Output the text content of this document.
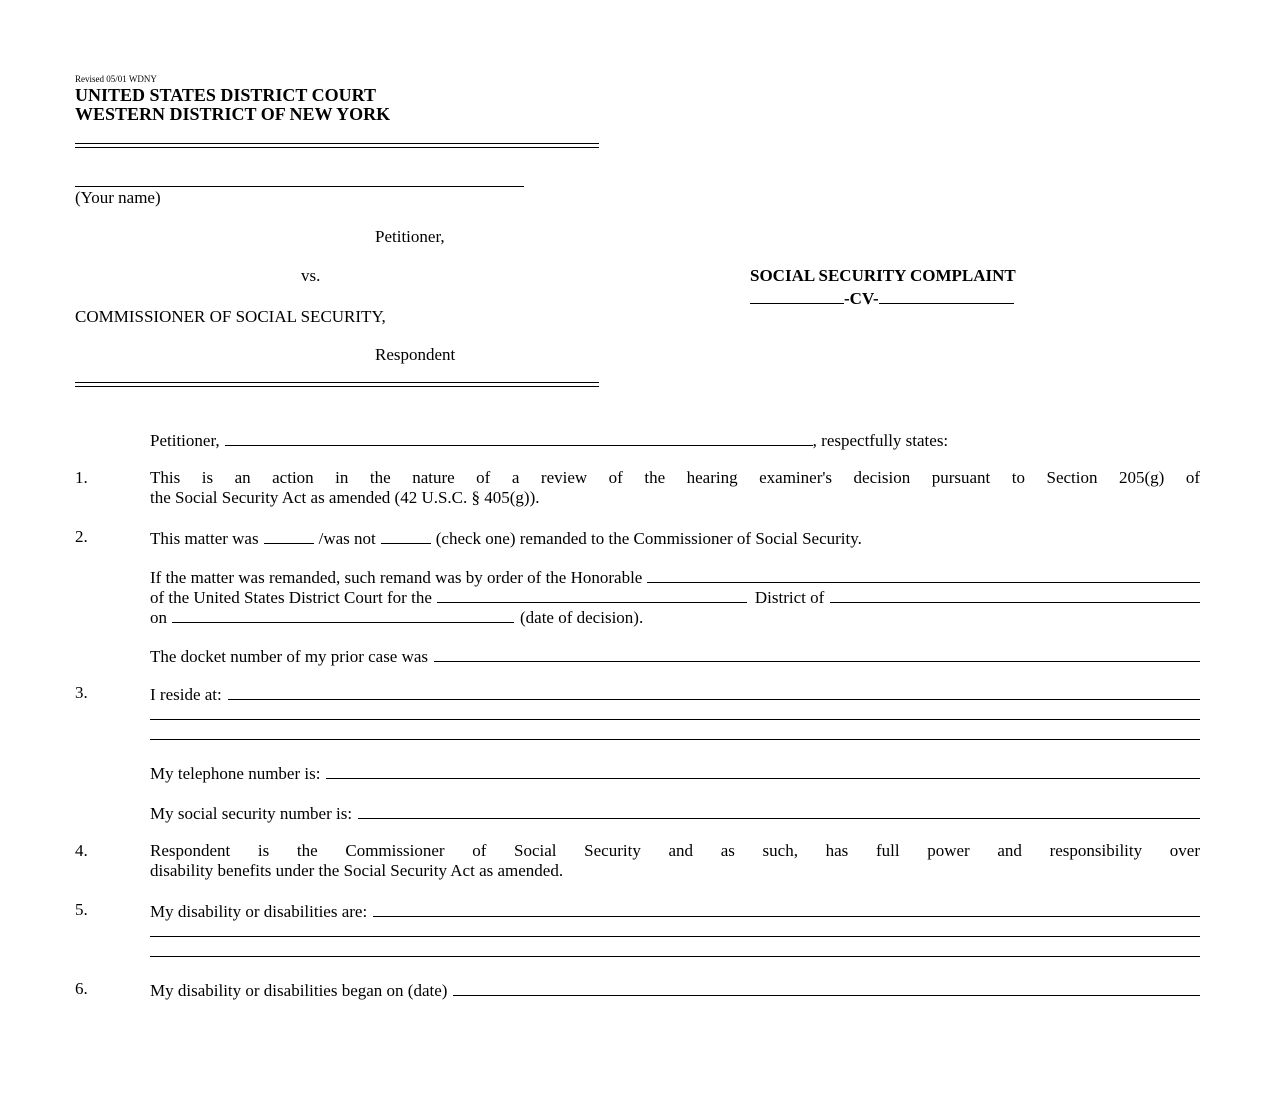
Revised 05/01 WDNY
UNITED STATES DISTRICT COURT
WESTERN DISTRICT OF NEW YORK
(Your name)
Petitioner,
vs.
COMMISSIONER OF SOCIAL SECURITY,
Respondent
SOCIAL SECURITY COMPLAINT
-CV-
Petitioner,	, respectfully states:
1.	This is an action in the nature of a review of the hearing examiner's decision pursuant to Section 205(g) of
the Social Security Act as amended (42 U.S.C. § 405(g)).
2.	This matter was	/was not	(check one) remanded to the Commissioner of Social Security.
If the matter was remanded, such remand was by order of the Honorable
of the United States District Court for the	District of
on	(date of decision).
The docket number of my prior case was
3.	I reside at:
My telephone number is:
My social security number is:
4.	Respondent is the Commissioner of Social Security and as such, has full power and responsibility over
disability benefits under the Social Security Act as amended.
5.	My disability or disabilities are:
6.	My disability or disabilities began on (date)
